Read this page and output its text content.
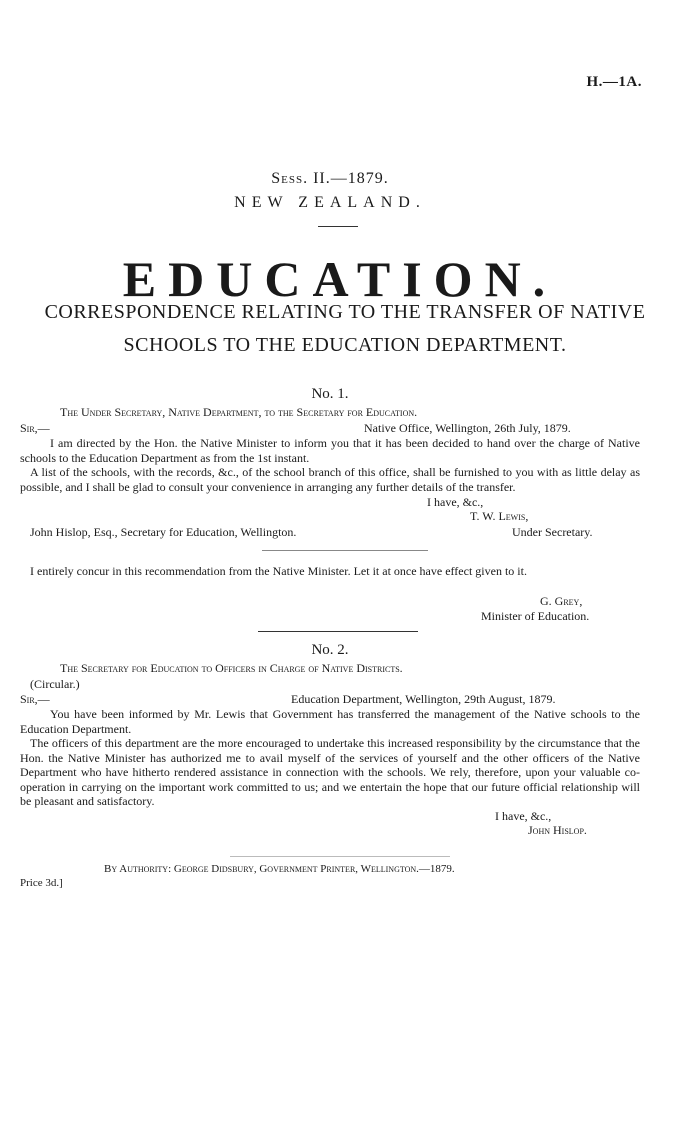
H.—1A.
Sess. II.—1879.
NEW ZEALAND.
EDUCATION.
CORRESPONDENCE RELATING TO THE TRANSFER OF NATIVE SCHOOLS TO THE EDUCATION DEPARTMENT.
No. 1.
The Under Secretary, Native Department, to the Secretary for Education.
Sir,—	Native Office, Wellington, 26th July, 1879.
I am directed by the Hon. the Native Minister to inform you that it has been decided to hand over the charge of Native schools to the Education Department as from the 1st instant.
A list of the schools, with the records, &c., of the school branch of this office, shall be furnished to you with as little delay as possible, and I shall be glad to consult your convenience in arranging any further details of the transfer.
I have, &c.,
T. W. Lewis,
John Hislop, Esq., Secretary for Education, Wellington.	Under Secretary.
I entirely concur in this recommendation from the Native Minister. Let it at once have effect given to it.
G. Grey,
Minister of Education.
No. 2.
The Secretary for Education to Officers in Charge of Native Districts.
(Circular.)
Sir,—	Education Department, Wellington, 29th August, 1879.
You have been informed by Mr. Lewis that Government has transferred the management of the Native schools to the Education Department.
The officers of this department are the more encouraged to undertake this increased responsibility by the circumstance that the Hon. the Native Minister has authorized me to avail myself of the services of yourself and the other officers of the Native Department who have hitherto rendered assistance in connection with the schools. We rely, therefore, upon your valuable co-operation in carrying on the important work committed to us; and we entertain the hope that our future official relationship will be pleasant and satisfactory.
I have, &c.,
John Hislop.
By Authority: George Didsbury, Government Printer, Wellington.—1879.
Price 3d.]
